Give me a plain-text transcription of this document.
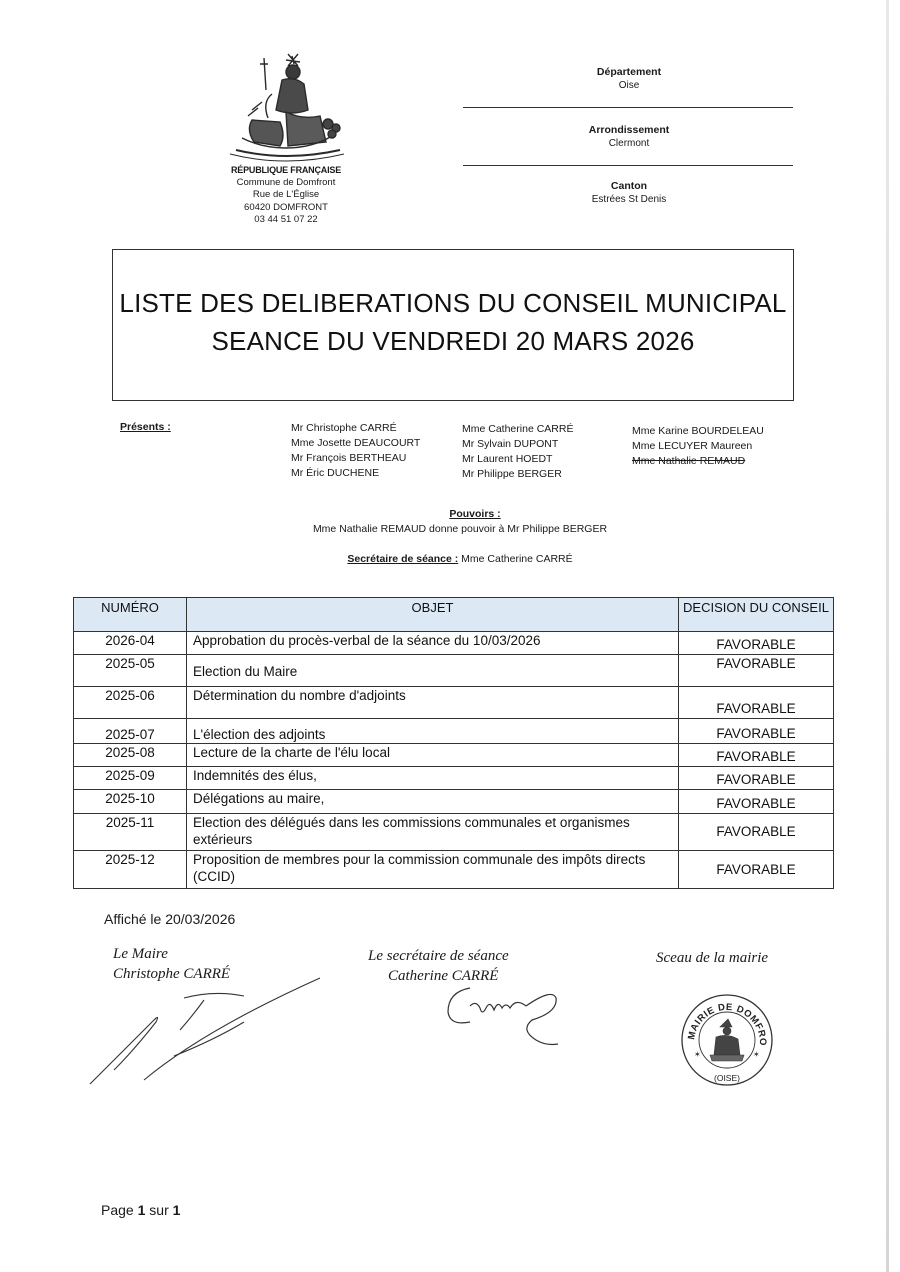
RÉPUBLIQUE FRANÇAISE
Commune de Domfront
Rue de L'Église
60420 DOMFRONT
03 44 51 07 22
Département
Oise
Arrondissement
Clermont
Canton
Estrées St Denis
LISTE DES DELIBERATIONS DU CONSEIL MUNICIPAL
SEANCE DU VENDREDI 20 MARS 2026
Présents :	Mr Christophe CARRÉ
Mme Josette DEAUCOURT
Mr François BERTHEAU
Mr Éric DUCHENE
Mme Catherine CARRÉ
Mr Sylvain DUPONT
Mr Laurent HOEDT
Mr Philippe BERGER
Mme Karine BOURDELEAU
Mme LECUYER Maureen
Mme Nathalie REMAUD
Pouvoirs :
Mme Nathalie REMAUD donne pouvoir à Mr Philippe BERGER
Secrétaire de séance : Mme Catherine CARRÉ
NUMÉRO	OBJET	DECISION DU CONSEIL
2026-04	Approbation du procès-verbal de la séance du 10/03/2026	FAVORABLE
2025-05	Election du Maire	FAVORABLE
2025-06	Détermination du nombre d'adjoints	FAVORABLE
2025-07	L'élection des adjoints	FAVORABLE
2025-08	Lecture de la charte de l'élu local	FAVORABLE
2025-09	Indemnités des élus,	FAVORABLE
2025-10	Délégations au maire,	FAVORABLE
2025-11	Election des délégués dans les commissions communales et organismes extérieurs	FAVORABLE
2025-12	Proposition de membres pour la commission communale des impôts directs (CCID)	FAVORABLE
Affiché le 20/03/2026
Le Maire
Christophe CARRÉ
Le secrétaire de séance
Catherine CARRÉ
Sceau de la mairie
MAIRIE DE DOMFRO
✶	✶
(OISE)
Page 1 sur 1
